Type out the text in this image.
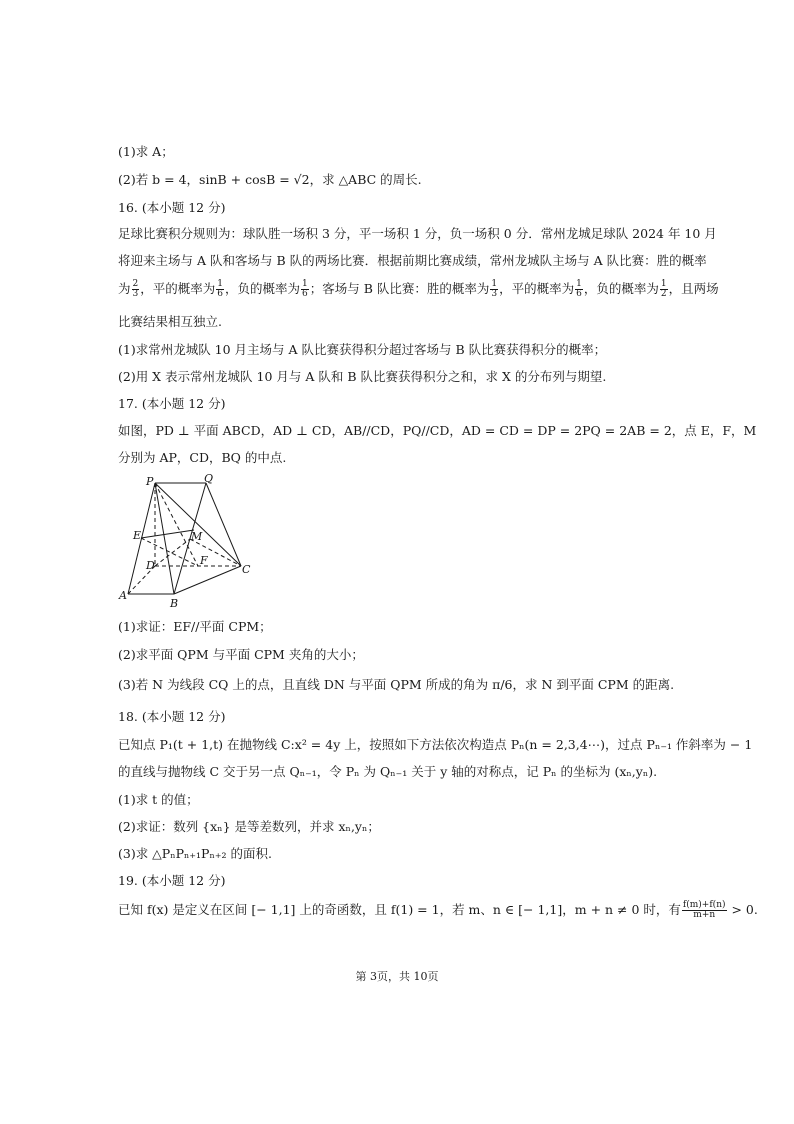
(1)求 A；
(2)若 b = 4，sinB + cosB = √2，求 △ABC 的周长.
16. (本小题 12 分)
足球比赛积分规则为：球队胜一场积 3 分，平一场积 1 分，负一场积 0 分．常州龙城足球队 2024 年 10 月
将迎来主场与 A 队和客场与 B 队的两场比赛．根据前期比赛成绩，常州龙城队主场与 A 队比赛：胜的概率
为 $\frac{2}{3}$ ，平的概率为 $\frac{1}{6}$ ，负的概率为 $\frac{1}{6}$ ；客场与 B 队比赛：胜的概率为 $\frac{1}{3}$ ，平的概率为 $\frac{1}{6}$ ，负的概率为 $\frac{1}{2}$ ，且两场
比赛结果相互独立.
(1)求常州龙城队 10 月主场与 A 队比赛获得积分超过客场与 B 队比赛获得积分的概率；
(2)用 X 表示常州龙城队 10 月与 A 队和 B 队比赛获得积分之和，求 X 的分布列与期望.
17. (本小题 12 分)
如图，PD ⊥ 平面 ABCD，AD ⊥ CD，AB//CD，PQ//CD，AD = CD = DP = 2PQ = 2AB = 2，点 E，F，M
分别为 AP，CD，BQ 的中点.
P	Q
E	M
D	F
C
A
B
(1)求证：EF//平面 CPM；
(2)求平面 QPM 与平面 CPM 夹角的大小；
(3)若 N 为线段 CQ 上的点，且直线 DN 与平面 QPM 所成的角为 π/6，求 N 到平面 CPM 的距离.
18. (本小题 12 分)
已知点 P₁(t + 1,t) 在抛物线 C:x² = 4y 上，按照如下方法依次构造点 Pₙ(n = 2,3,4⋯)，过点 Pₙ₋₁ 作斜率为 − 1
的直线与抛物线 C 交于另一点 Qₙ₋₁，令 Pₙ 为 Qₙ₋₁ 关于 y 轴的对称点，记 Pₙ 的坐标为 (xₙ,yₙ).
(1)求 t 的值；
(2)求证：数列 {xₙ} 是等差数列，并求 xₙ,yₙ；
(3)求 △PₙPₙ₊₁Pₙ₊₂ 的面积.
19. (本小题 12 分)
已知 f(x) 是定义在区间 [− 1,1] 上的奇函数，且 f(1) = 1，若 m、n ∈ [− 1,1]，m + n ≠ 0 时，有 $\frac{f(m)+f(n)}{m+n} > 0$.
第 3页，共 10页
